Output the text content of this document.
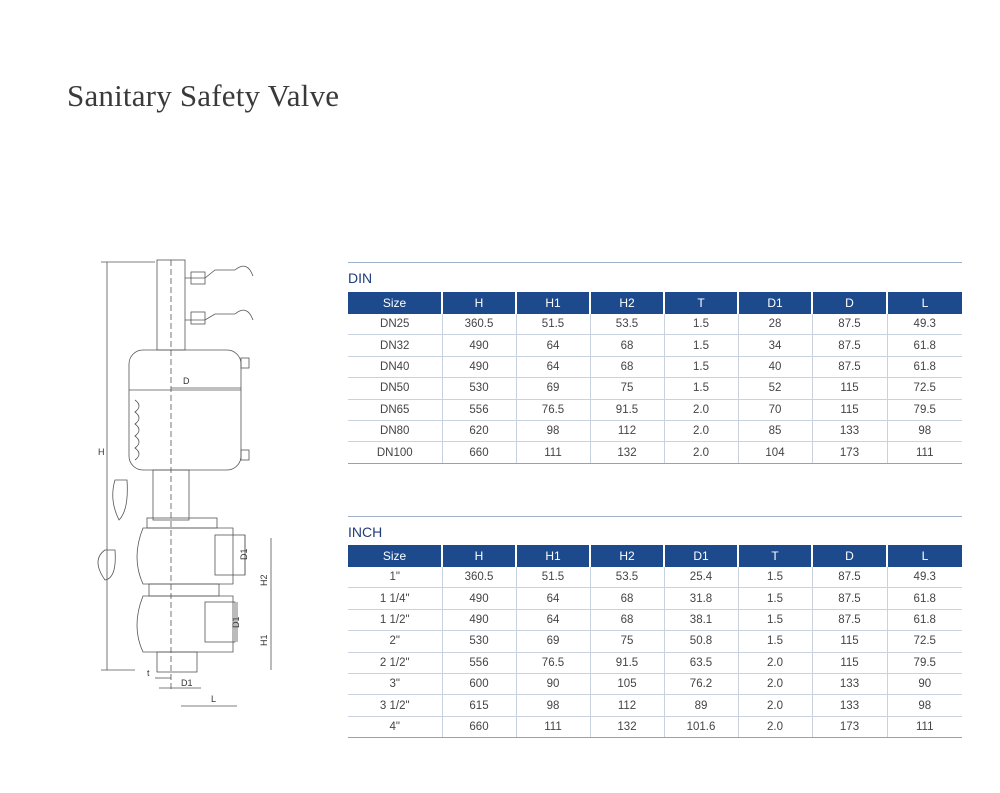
Sanitary Safety Valve
H
D
D1
H2
D1
H1
t
D1
L
DIN
Size	H	H1	H2	T	D1	D	L
DN25	360.5	51.5	53.5	1.5	28	87.5	49.3
DN32	490	64	68	1.5	34	87.5	61.8
DN40	490	64	68	1.5	40	87.5	61.8
DN50	530	69	75	1.5	52	115	72.5
DN65	556	76.5	91.5	2.0	70	115	79.5
DN80	620	98	112	2.0	85	133	98
DN100	660	111	132	2.0	104	173	111
INCH
Size	H	H1	H2	D1	T	D	L
1"	360.5	51.5	53.5	25.4	1.5	87.5	49.3
1 1/4"	490	64	68	31.8	1.5	87.5	61.8
1 1/2"	490	64	68	38.1	1.5	87.5	61.8
2"	530	69	75	50.8	1.5	115	72.5
2 1/2"	556	76.5	91.5	63.5	2.0	115	79.5
3"	600	90	105	76.2	2.0	133	90
3 1/2"	615	98	112	89	2.0	133	98
4"	660	111	132	101.6	2.0	173	111
